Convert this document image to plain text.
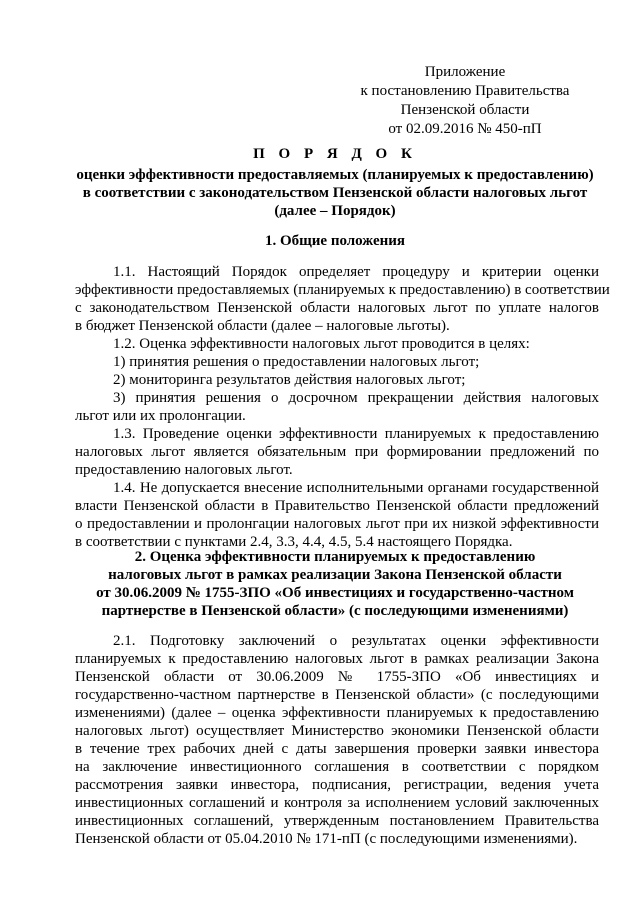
Приложение
к постановлению Правительства
Пензенской области
от 02.09.2016 № 450-пП
П О Р Я Д О К
оценки эффективности предоставляемых (планируемых к предоставлению)
в соответствии с законодательством Пензенской области налоговых льгот
(далее – Порядок)
1. Общие положения
1.1. Настоящий Порядок определяет процедуру и критерии оценки
эффективности предоставляемых (планируемых к предоставлению) в соответствии
с законодательством Пензенской области налоговых льгот по уплате налогов
в бюджет Пензенской области (далее – налоговые льготы).
1.2. Оценка эффективности налоговых льгот проводится в целях:
1) принятия решения о предоставлении налоговых льгот;
2) мониторинга результатов действия налоговых льгот;
3) принятия решения о досрочном прекращении действия налоговых
льгот или их пролонгации.
1.3. Проведение оценки эффективности планируемых к предоставлению
налоговых льгот является обязательным при формировании предложений по
предоставлению налоговых льгот.
1.4. Не допускается внесение исполнительными органами государственной
власти Пензенской области в Правительство Пензенской области предложений
о предоставлении и пролонгации налоговых льгот при их низкой эффективности
в соответствии с пунктами 2.4, 3.3, 4.4, 4.5, 5.4 настоящего Порядка.
2. Оценка эффективности планируемых к предоставлению
налоговых льгот в рамках реализации Закона Пензенской области
от 30.06.2009 № 1755-ЗПО «Об инвестициях и государственно-частном
партнерстве в Пензенской области» (с последующими изменениями)
2.1. Подготовку заключений о результатах оценки эффективности
планируемых к предоставлению налоговых льгот в рамках реализации Закона
Пензенской области от 30.06.2009 № 1755-ЗПО «Об инвестициях и
государственно-частном партнерстве в Пензенской области» (с последующими
изменениями) (далее – оценка эффективности планируемых к предоставлению
налоговых льгот) осуществляет Министерство экономики Пензенской области
в течение трех рабочих дней с даты завершения проверки заявки инвестора
на заключение инвестиционного соглашения в соответствии с порядком
рассмотрения заявки инвестора, подписания, регистрации, ведения учета
инвестиционных соглашений и контроля за исполнением условий заключенных
инвестиционных соглашений, утвержденным постановлением Правительства
Пензенской области от 05.04.2010 № 171-пП (с последующими изменениями).
